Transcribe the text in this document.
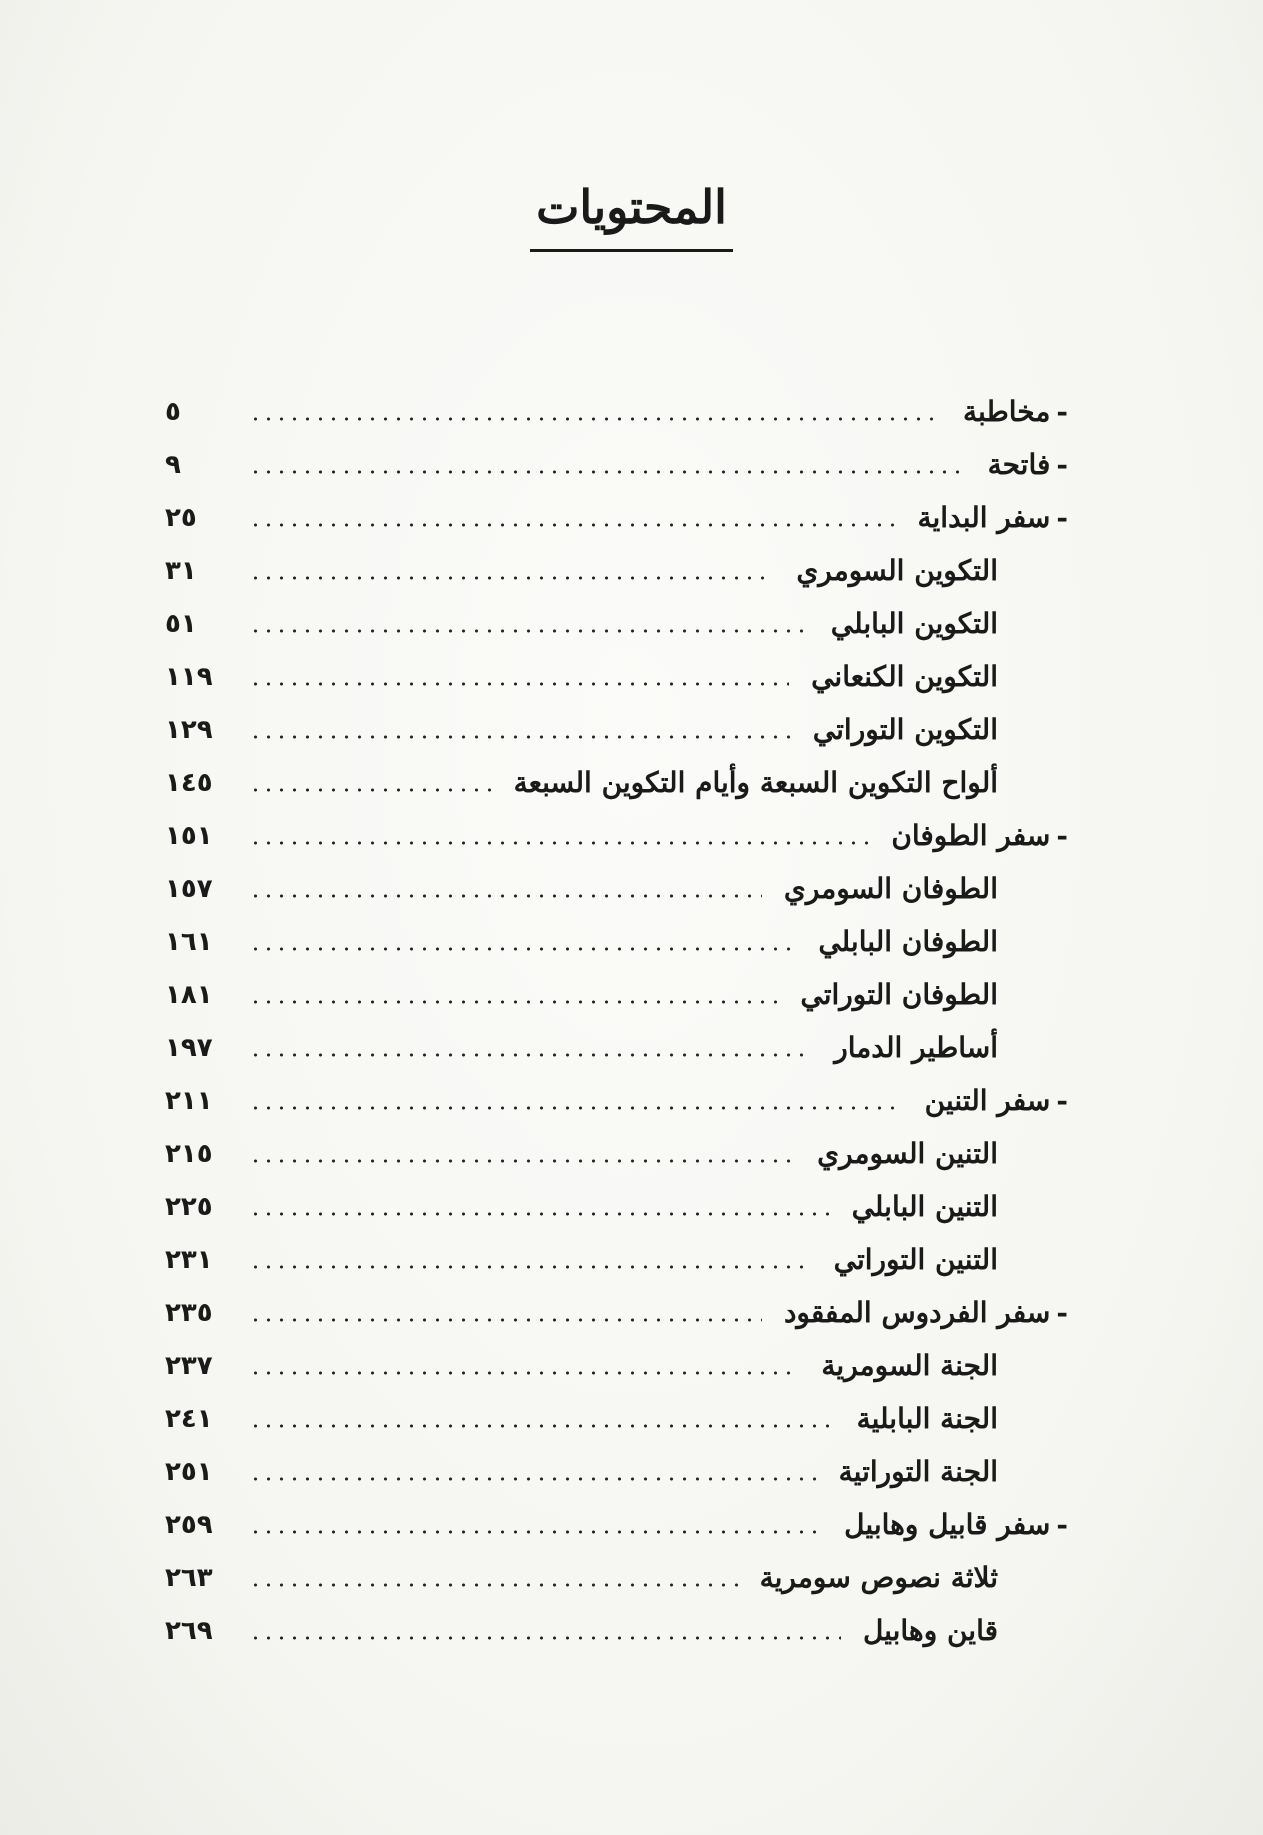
المحتويات
-مخاطبة
٥
-فاتحة
٩
-سفر البداية
٢٥
التكوين السومري
٣١
التكوين البابلي
٥١
التكوين الكنعاني
١١٩
التكوين التوراتي
١٢٩
ألواح التكوين السبعة وأيام التكوين السبعة
١٤٥
-سفر الطوفان
١٥١
الطوفان السومري
١٥٧
الطوفان البابلي
١٦١
الطوفان التوراتي
١٨١
أساطير الدمار
١٩٧
-سفر التنين
٢١١
التنين السومري
٢١٥
التنين البابلي
٢٢٥
التنين التوراتي
٢٣١
-سفر الفردوس المفقود
٢٣٥
الجنة السومرية
٢٣٧
الجنة البابلية
٢٤١
الجنة التوراتية
٢٥١
-سفر قابيل وهابيل
٢٥٩
ثلاثة نصوص سومرية
٢٦٣
قاين وهابيل
٢٦٩
